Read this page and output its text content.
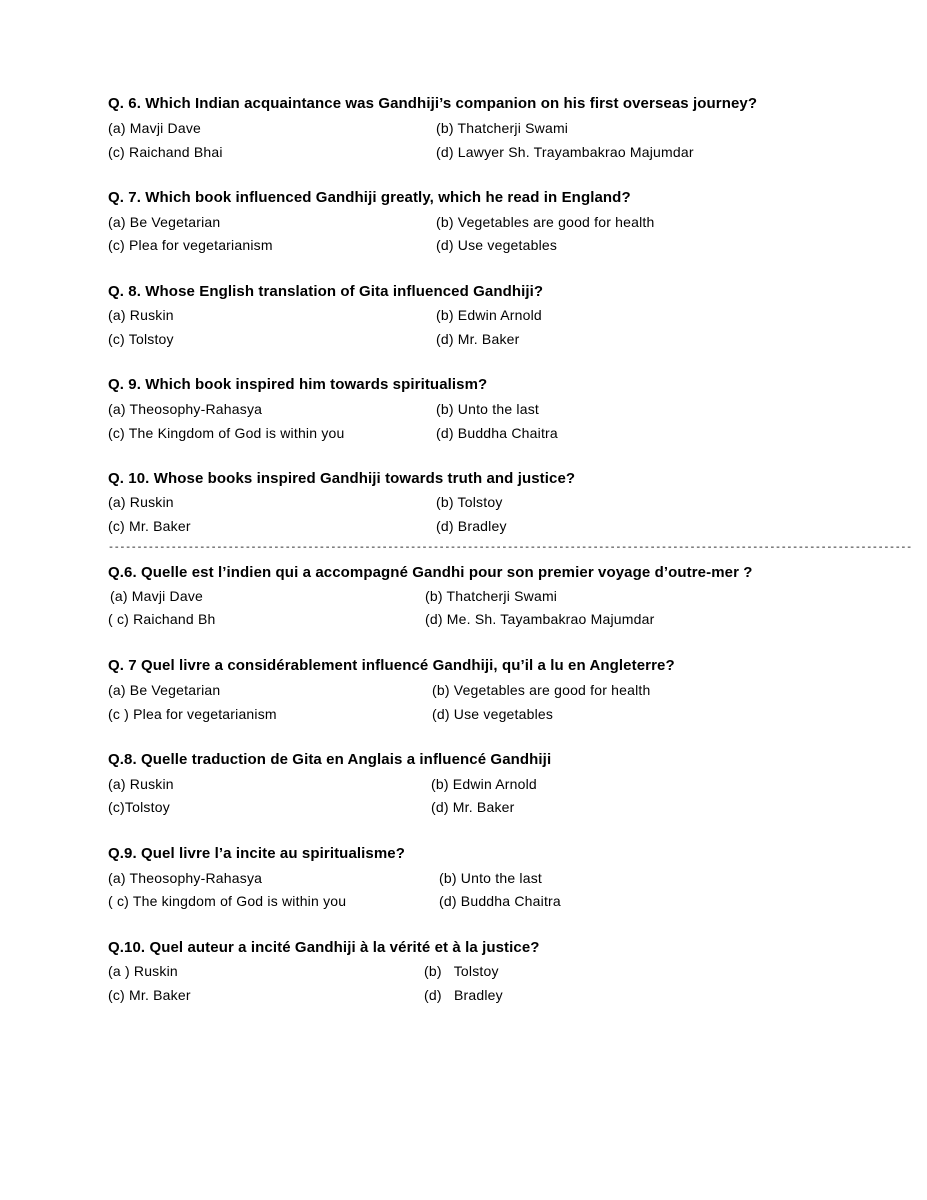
Q. 6. Which Indian acquaintance was Gandhiji’s companion on his first overseas journey?
(a) Mavji Dave	(b) Thatcherji Swami
(c) Raichand Bhai	(d) Lawyer Sh. Trayambakrao Majumdar
Q. 7. Which book influenced Gandhiji greatly, which he read in England?
(a) Be Vegetarian	(b) Vegetables are good for health
(c) Plea for vegetarianism	(d) Use vegetables
Q. 8. Whose English translation of Gita influenced Gandhiji?
(a) Ruskin	(b) Edwin Arnold
(c) Tolstoy	(d) Mr. Baker
Q. 9. Which book inspired him towards spiritualism?
(a) Theosophy-Rahasya	(b) Unto the last
(c) The Kingdom of God is within you	(d) Buddha Chaitra
Q. 10. Whose books inspired Gandhiji towards truth and justice?
(a) Ruskin	(b) Tolstoy
(c) Mr. Baker	(d) Bradley
---------------------------------------------------------------------------------------------------------------------------------------------
Q.6. Quelle est l’indien qui a accompagné Gandhi pour son premier voyage d’outre-mer ?
(a) Mavji Dave	(b) Thatcherji Swami
( c) Raichand Bh	(d) Me. Sh. Tayambakrao Majumdar
Q. 7 Quel livre a considérablement influencé Gandhiji, qu’il a lu en Angleterre?
(a) Be Vegetarian	(b) Vegetables are good for health
(c ) Plea for vegetarianism	(d) Use vegetables
Q.8. Quelle traduction de Gita en Anglais a influencé Gandhiji
(a) Ruskin	(b) Edwin Arnold
(c)Tolstoy	(d) Mr. Baker
Q.9. Quel livre l’a incite au spiritualisme?
(a) Theosophy-Rahasya	(b) Unto the last
( c) The kingdom of God is within you	(d) Buddha Chaitra
Q.10. Quel auteur a incité Gandhiji à la vérité et à la justice?
(a ) Ruskin	(b)   Tolstoy
(c) Mr. Baker	(d)   Bradley
